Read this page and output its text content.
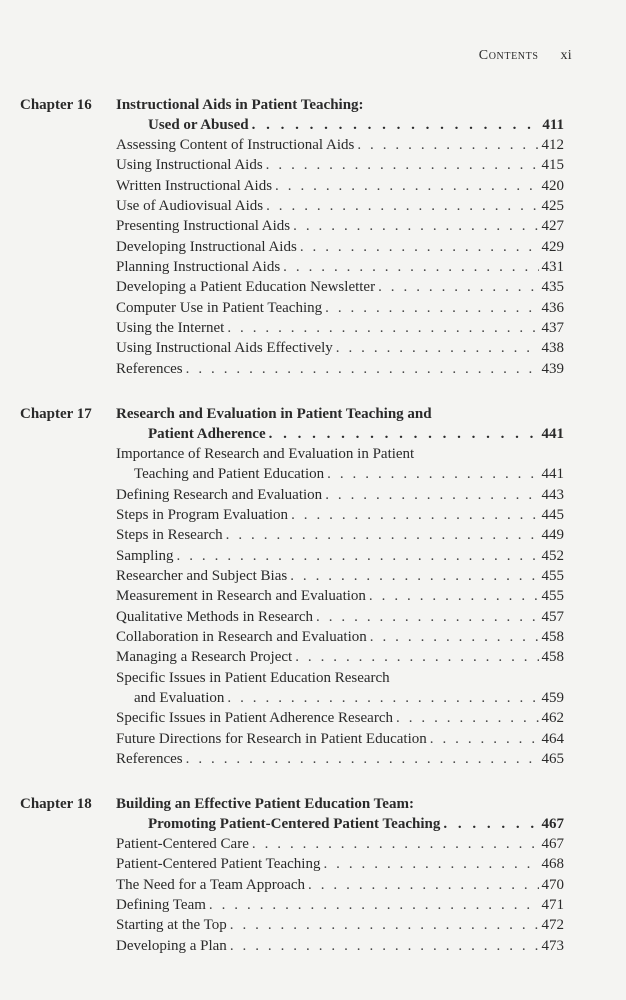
Contents xi
Chapter 16 Instructional Aids in Patient Teaching:
Used or Abused . . .	411
Assessing Content of Instructional Aids . . .	412
Using Instructional Aids . . .	415
Written Instructional Aids . . .	420
Use of Audiovisual Aids . . .	425
Presenting Instructional Aids . . .	427
Developing Instructional Aids . . .	429
Planning Instructional Aids . . .	431
Developing a Patient Education Newsletter . . .	435
Computer Use in Patient Teaching . . .	436
Using the Internet . . .	437
Using Instructional Aids Effectively . . .	438
References . . .	439
Chapter 17 Research and Evaluation in Patient Teaching and
Patient Adherence . . .	441
Importance of Research and Evaluation in Patient
Teaching and Patient Education . . .	441
Defining Research and Evaluation . . .	443
Steps in Program Evaluation . . .	445
Steps in Research . . .	449
Sampling . . .	452
Researcher and Subject Bias . . .	455
Measurement in Research and Evaluation . . .	455
Qualitative Methods in Research . . .	457
Collaboration in Research and Evaluation . . .	458
Managing a Research Project . . .	458
Specific Issues in Patient Education Research
and Evaluation . . .	459
Specific Issues in Patient Adherence Research . . .	462
Future Directions for Research in Patient Education . . .	464
References . . .	465
Chapter 18 Building an Effective Patient Education Team:
Promoting Patient-Centered Patient Teaching . . .	467
Patient-Centered Care . . .	467
Patient-Centered Patient Teaching . . .	468
The Need for a Team Approach . . .	470
Defining Team . . .	471
Starting at the Top . . .	472
Developing a Plan . . .	473
